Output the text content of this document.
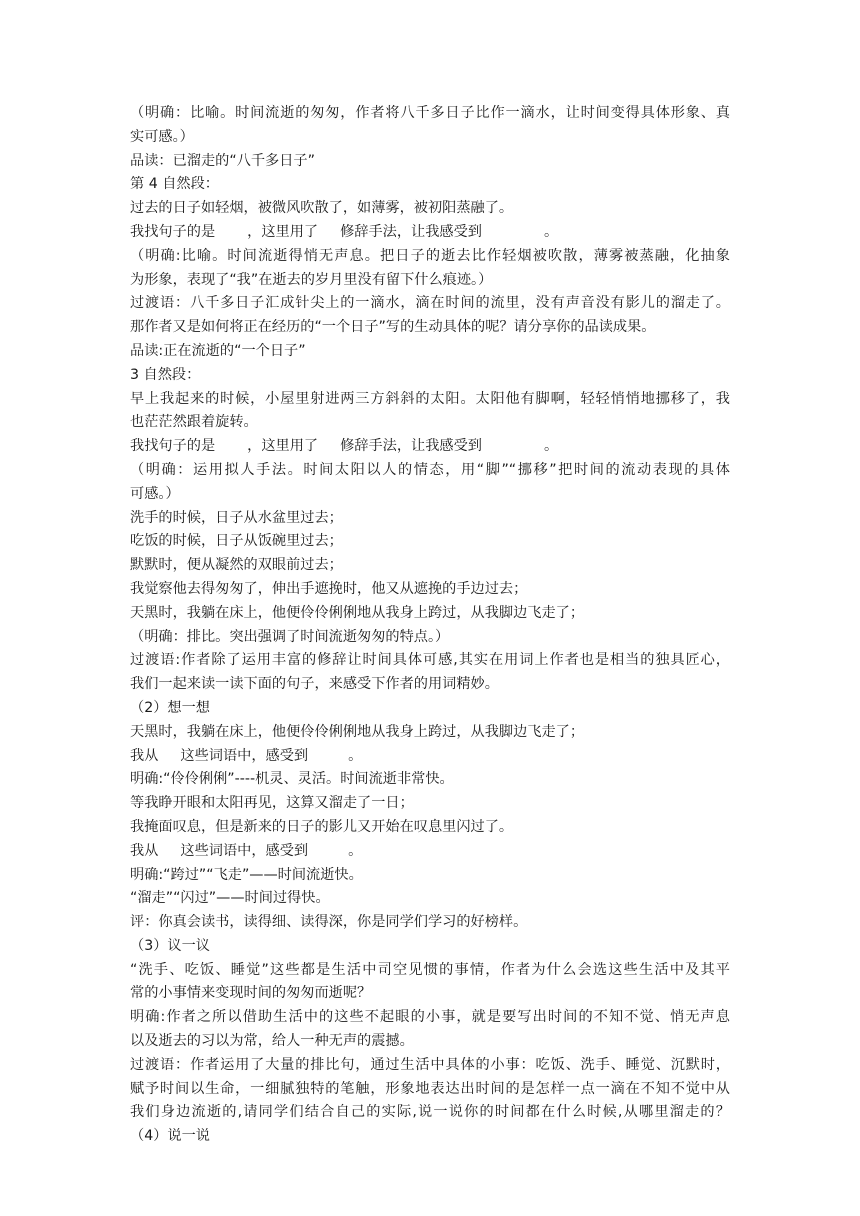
（明确：比喻。时间流逝的匆匆，作者将八千多日子比作一滴水，让时间变得具体形象、真
实可感。）
品读：已溜走的“八千多日子”
第 4 自然段：
过去的日子如轻烟，被微风吹散了，如薄雾，被初阳蒸融了。
我找句子的是 ，这里用了 修辞手法，让我感受到	。
（明确:比喻。时间流逝得悄无声息。把日子的逝去比作轻烟被吹散，薄雾被蒸融，化抽象
为形象，表现了“我”在逝去的岁月里没有留下什么痕迹。）
过渡语：八千多日子汇成针尖上的一滴水，滴在时间的流里，没有声音没有影儿的溜走了。
那作者又是如何将正在经历的“一个日子”写的生动具体的呢？请分享你的品读成果。
品读:正在流逝的“一个日子”
3 自然段：
早上我起来的时候，小屋里射进两三方斜斜的太阳。太阳他有脚啊，轻轻悄悄地挪移了，我
也茫茫然跟着旋转。
我找句子的是 ，这里用了 修辞手法，让我感受到	。
（明确：运用拟人手法。时间太阳以人的情态，用“脚”“挪移”把时间的流动表现的具体
可感。）
洗手的时候，日子从水盆里过去；
吃饭的时候，日子从饭碗里过去；
默默时，便从凝然的双眼前过去；
我觉察他去得匆匆了，伸出手遮挽时，他又从遮挽的手边过去；
天黑时，我躺在床上，他便伶伶俐俐地从我身上跨过，从我脚边飞走了；
（明确：排比。突出强调了时间流逝匆匆的特点。）
过渡语:作者除了运用丰富的修辞让时间具体可感,其实在用词上作者也是相当的独具匠心，
我们一起来读一读下面的句子，来感受下作者的用词精妙。
（2）想一想
天黑时，我躺在床上，他便伶伶俐俐地从我身上跨过，从我脚边飞走了；
我从 这些词语中，感受到	。
明确:“伶伶俐俐”----机灵、灵活。时间流逝非常快。
等我睁开眼和太阳再见，这算又溜走了一日；
我掩面叹息，但是新来的日子的影儿又开始在叹息里闪过了。
我从 这些词语中，感受到	。
明确:“跨过”“飞走”——时间流逝快。
“溜走”“闪过”——时间过得快。
评：你真会读书，读得细、读得深，你是同学们学习的好榜样。
（3）议一议
“洗手、吃饭、睡觉”这些都是生活中司空见惯的事情，作者为什么会选这些生活中及其平
常的小事情来变现时间的匆匆而逝呢？
明确:作者之所以借助生活中的这些不起眼的小事，就是要写出时间的不知不觉、悄无声息
以及逝去的习以为常，给人一种无声的震撼。
过渡语：作者运用了大量的排比句，通过生活中具体的小事：吃饭、洗手、睡觉、沉默时，
赋予时间以生命，一细腻独特的笔触，形象地表达出时间的是怎样一点一滴在不知不觉中从
我们身边流逝的,请同学们结合自己的实际,说一说你的时间都在什么时候,从哪里溜走的？
（4）说一说
